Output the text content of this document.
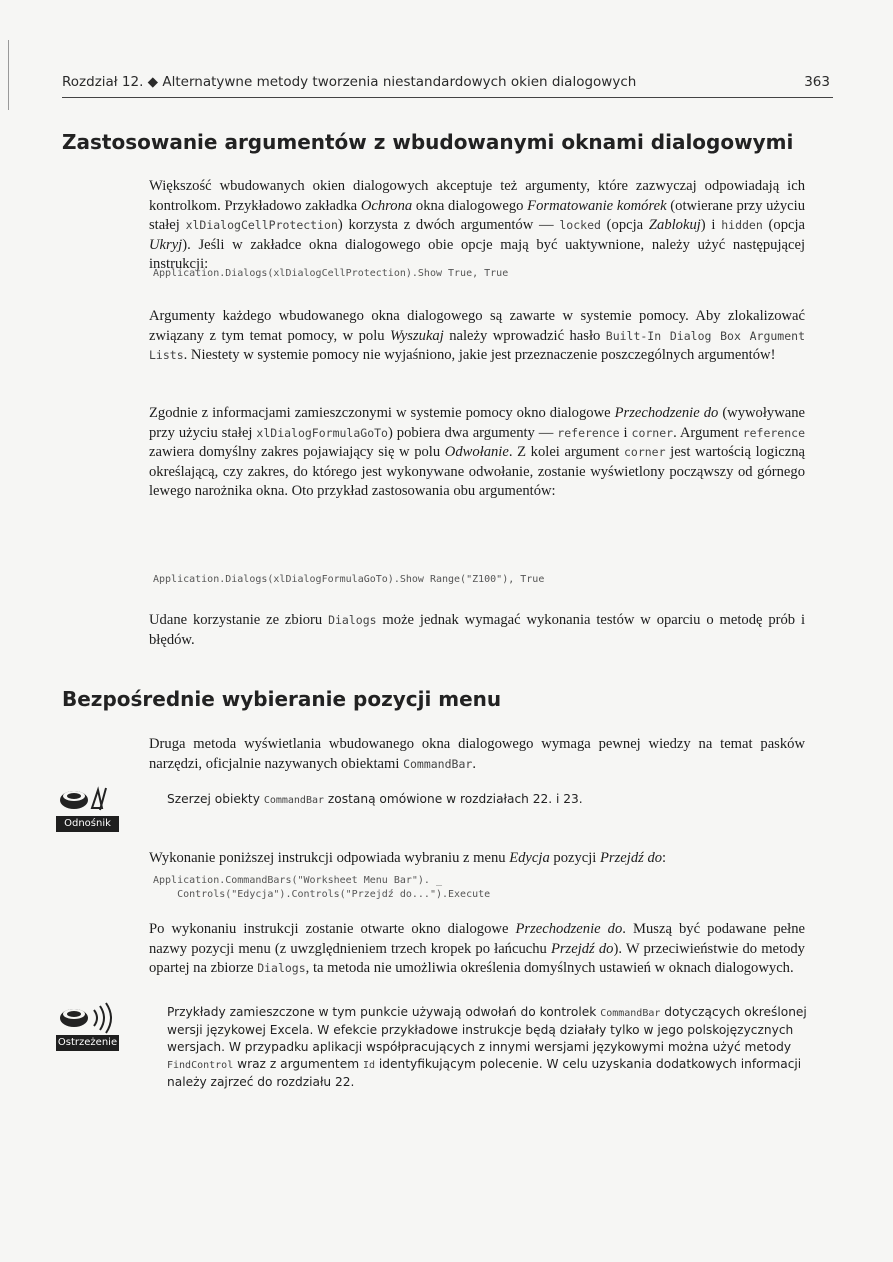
Rozdział 12. ◆ Alternatywne metody tworzenia niestandardowych okien dialogowych	363
Zastosowanie argumentów z wbudowanymi oknami dialogowymi

Większość wbudowanych okien dialogowych akceptuje też argumenty, które zazwyczaj odpowiadają ich kontrolkom. Przykładowo zakładka Ochrona okna dialogowego Formatowanie komórek (otwierane przy użyciu stałej xlDialogCellProtection) korzysta z dwóch argumentów — locked (opcja Zablokuj) i hidden (opcja Ukryj). Jeśli w zakładce okna dialogowego obie opcje mają być uaktywnione, należy użyć następującej instrukcji:

Application.Dialogs(xlDialogCellProtection).Show True, True

Argumenty każdego wbudowanego okna dialogowego są zawarte w systemie pomocy. Aby zlokalizować związany z tym temat pomocy, w polu Wyszukaj należy wprowadzić hasło Built-In Dialog Box Argument Lists. Niestety w systemie pomocy nie wyjaśniono, jakie jest przeznaczenie poszczególnych argumentów!

Zgodnie z informacjami zamieszczonymi w systemie pomocy okno dialogowe Przechodzenie do (wywoływane przy użyciu stałej xlDialogFormulaGoTo) pobiera dwa argumenty — reference i corner. Argument reference zawiera domyślny zakres pojawiający się w polu Odwołanie. Z kolei argument corner jest wartością logiczną określającą, czy zakres, do którego jest wykonywane odwołanie, zostanie wyświetlony począwszy od górnego lewego narożnika okna. Oto przykład zastosowania obu argumentów:

Application.Dialogs(xlDialogFormulaGoTo).Show Range("Z100"), True

Udane korzystanie ze zbioru Dialogs może jednak wymagać wykonania testów w oparciu o metodę prób i błędów.

Bezpośrednie wybieranie pozycji menu

Druga metoda wyświetlania wbudowanego okna dialogowego wymaga pewnej wiedzy na temat pasków narzędzi, oficjalnie nazywanych obiektami CommandBar.

Odnośnik

Szerzej obiekty CommandBar zostaną omówione w rozdziałach 22. i 23.

Wykonanie poniższej instrukcji odpowiada wybraniu z menu Edycja pozycji Przejdź do:

Application.CommandBars("Worksheet Menu Bar"). _
Controls("Edycja").Controls("Przejdź do...").Execute

Po wykonaniu instrukcji zostanie otwarte okno dialogowe Przechodzenie do. Muszą być podawane pełne nazwy pozycji menu (z uwzględnieniem trzech kropek po łańcuchu Przejdź do). W przeciwieństwie do metody opartej na zbiorze Dialogs, ta metoda nie umożliwia określenia domyślnych ustawień w oknach dialogowych.

Ostrzeżenie

Przykłady zamieszczone w tym punkcie używają odwołań do kontrolek CommandBar dotyczących określonej wersji językowej Excela. W efekcie przykładowe instrukcje będą działały tylko w jego polskojęzycznych wersjach. W przypadku aplikacji współpracujących z innymi wersjami językowymi można użyć metody FindControl wraz z argumentem Id identyfikującym polecenie. W celu uzyskania dodatkowych informacji należy zajrzeć do rozdziału 22.
